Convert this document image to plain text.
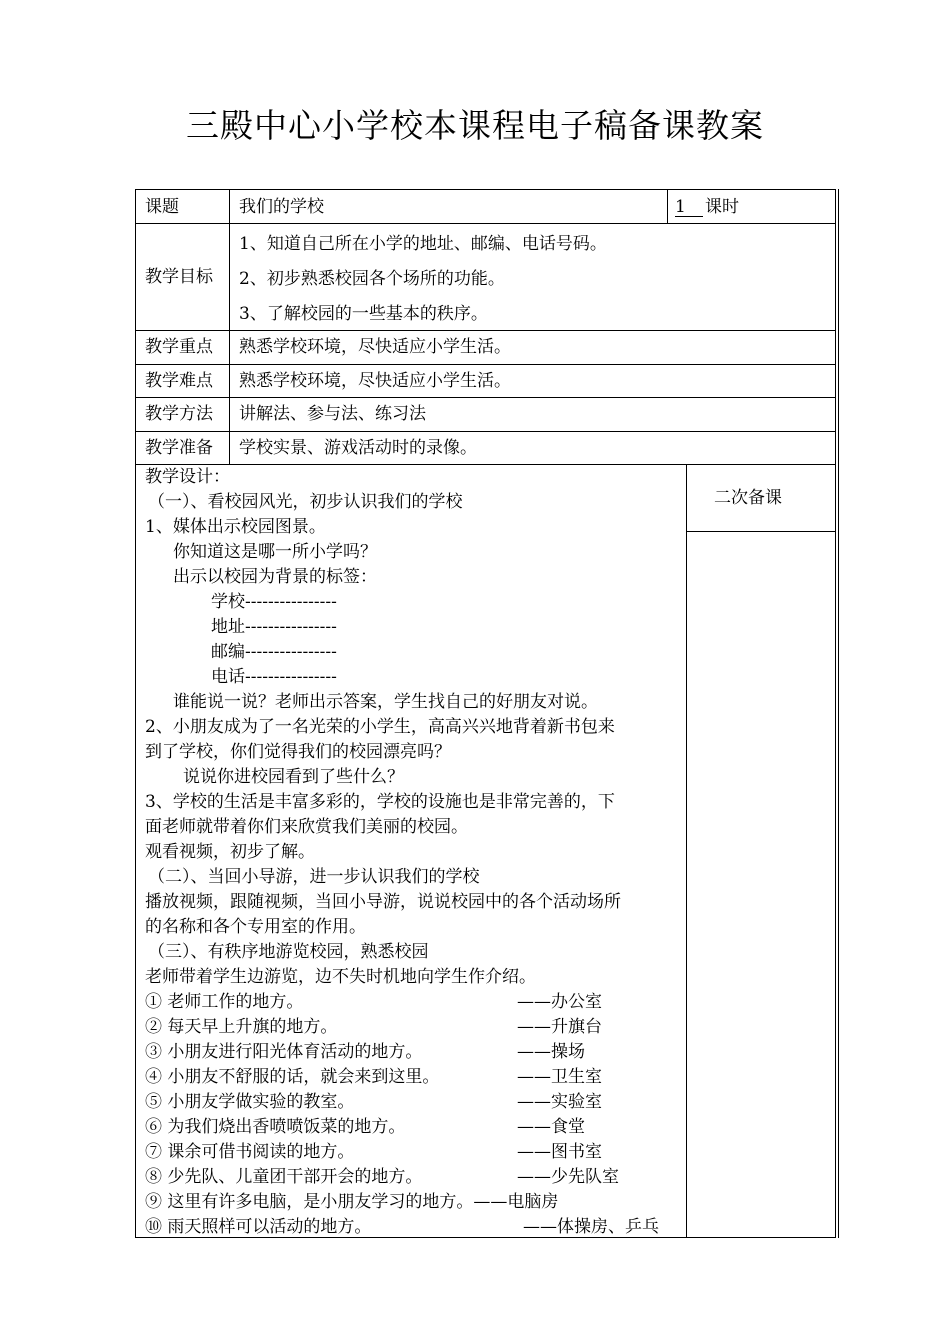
三殿中心小学校本课程电子稿备课教案
课题	我们的学校	1 课时
教学目标
1、知道自己所在小学的地址、邮编、电话号码。
2、初步熟悉校园各个场所的功能。
3、了解校园的一些基本的秩序。
教学重点 熟悉学校环境，尽快适应小学生活。
教学难点 熟悉学校环境，尽快适应小学生活。
教学方法 讲解法、参与法、练习法
教学准备 学校实景、游戏活动时的录像。
二次备课
教学设计：
（一）、看校园风光，初步认识我们的学校
1、媒体出示校园图景。
你知道这是哪一所小学吗？
出示以校园为背景的标签：
学校----------------
地址----------------
邮编----------------
电话----------------
谁能说一说？老师出示答案，学生找自己的好朋友对说。
2、小朋友成为了一名光荣的小学生，高高兴兴地背着新书包来
到了学校，你们觉得我们的校园漂亮吗？
说说你进校园看到了些什么？
3、学校的生活是丰富多彩的，学校的设施也是非常完善的，下
面老师就带着你们来欣赏我们美丽的校园。
观看视频，初步了解。
（二）、当回小导游，进一步认识我们的学校
播放视频，跟随视频，当回小导游，说说校园中的各个活动场所
的名称和各个专用室的作用。
（三）、有秩序地游览校园，熟悉校园
老师带着学生边游览，边不失时机地向学生作介绍。
① 老师工作的地方。	——办公室
② 每天早上升旗的地方。	——升旗台
③ 小朋友进行阳光体育活动的地方。	——操场
④ 小朋友不舒服的话，就会来到这里。	——卫生室
⑤ 小朋友学做实验的教室。	——实验室
⑥ 为我们烧出香喷喷饭菜的地方。	——食堂
⑦ 课余可借书阅读的地方。	——图书室
⑧ 少先队、儿童团干部开会的地方。	——少先队室
⑨ 这里有许多电脑，是小朋友学习的地方。——电脑房
⑩ 雨天照样可以活动的地方。	——体操房、乒乓
